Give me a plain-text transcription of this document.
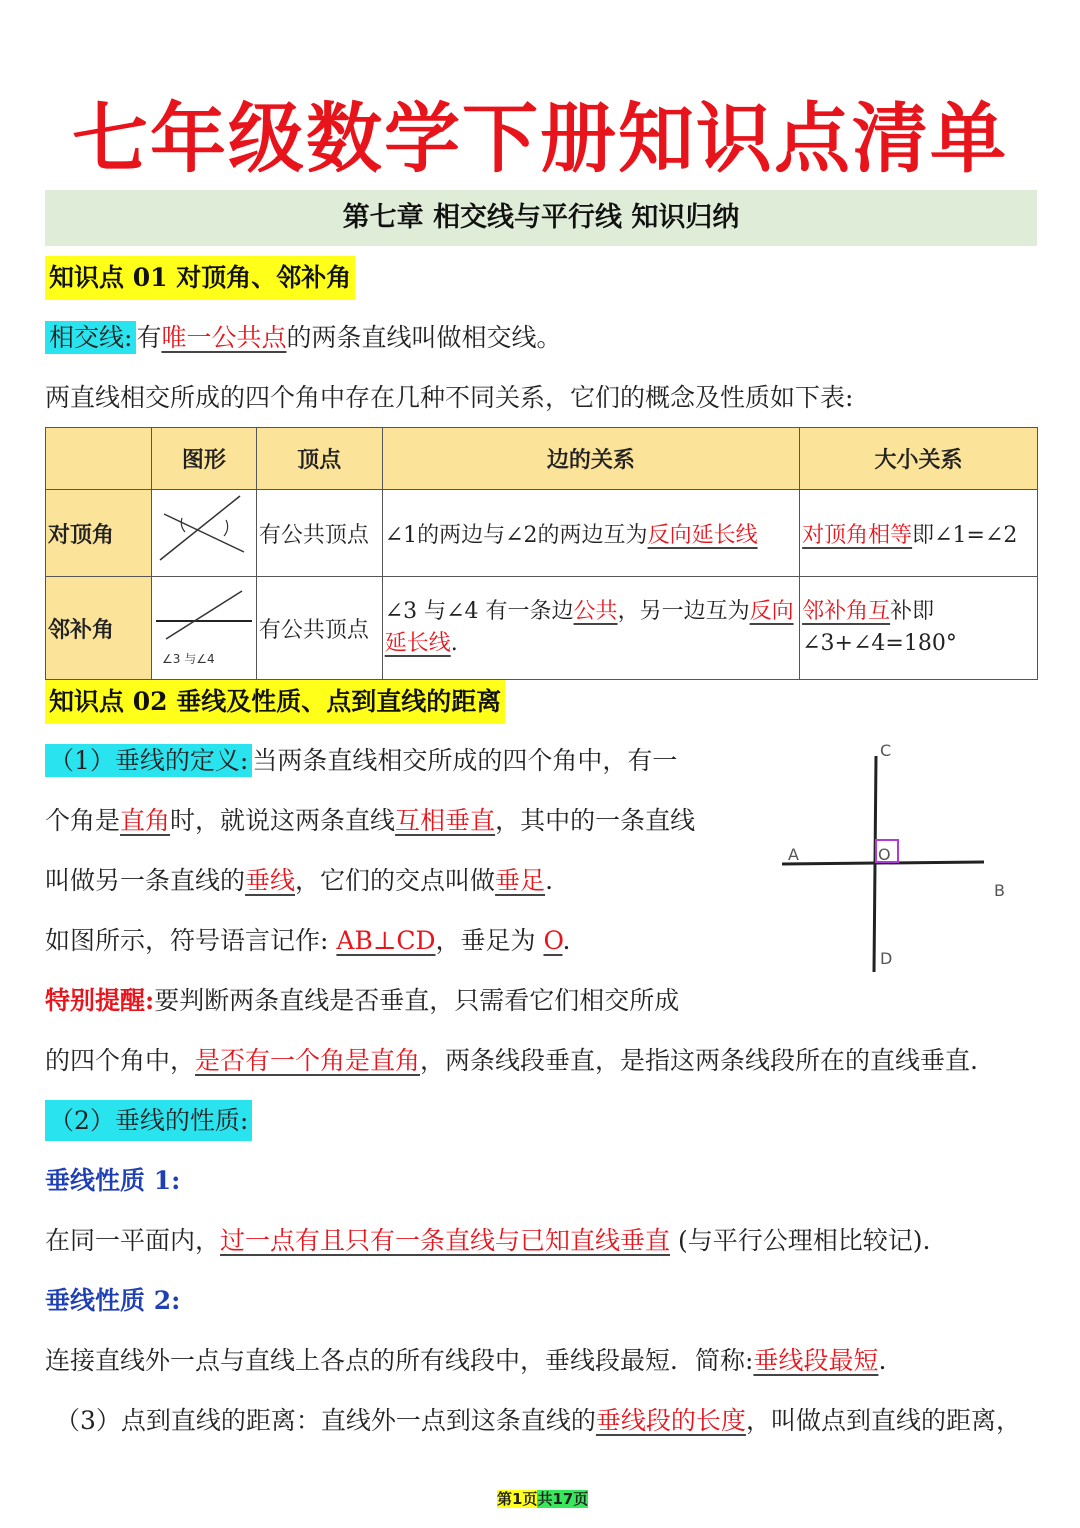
七年级数学下册知识点清单
第七章 相交线与平行线 知识归纳
知识点 01 对顶角、邻补角
相交线: 有唯一公共点的两条直线叫做相交线。
两直线相交所成的四个角中存在几种不同关系，它们的概念及性质如下表:
	图形	顶点	边的关系	大小关系
对顶角		有公共顶点	∠1的两边与∠2的两边互为反向延长线	对顶角相等即∠1=∠2
邻补角	∠3 与∠4	有公共顶点	∠3 与∠4 有一条边公共，另一边互为反向延长线.	邻补角互补即∠3+∠4=180°
知识点 02 垂线及性质、点到直线的距离
（1）垂线的定义: 当两条直线相交所成的四个角中，有一
个角是直角时，就说这两条直线互相垂直，其中的一条直线
叫做另一条直线的垂线，它们的交点叫做垂足.
如图所示，符号语言记作: AB⊥CD，垂足为 O.
C
A	O
B
D
特别提醒:要判断两条直线是否垂直，只需看它们相交所成
的四个角中，是否有一个角是直角，两条线段垂直，是指这两条线段所在的直线垂直.
（2）垂线的性质:
垂线性质 1:
在同一平面内，过一点有且只有一条直线与已知直线垂直 (与平行公理相比较记).
垂线性质 2:
连接直线外一点与直线上各点的所有线段中，垂线段最短．简称:垂线段最短.
（3）点到直线的距离：直线外一点到这条直线的垂线段的长度，叫做点到直线的距离，
第1页共17页
